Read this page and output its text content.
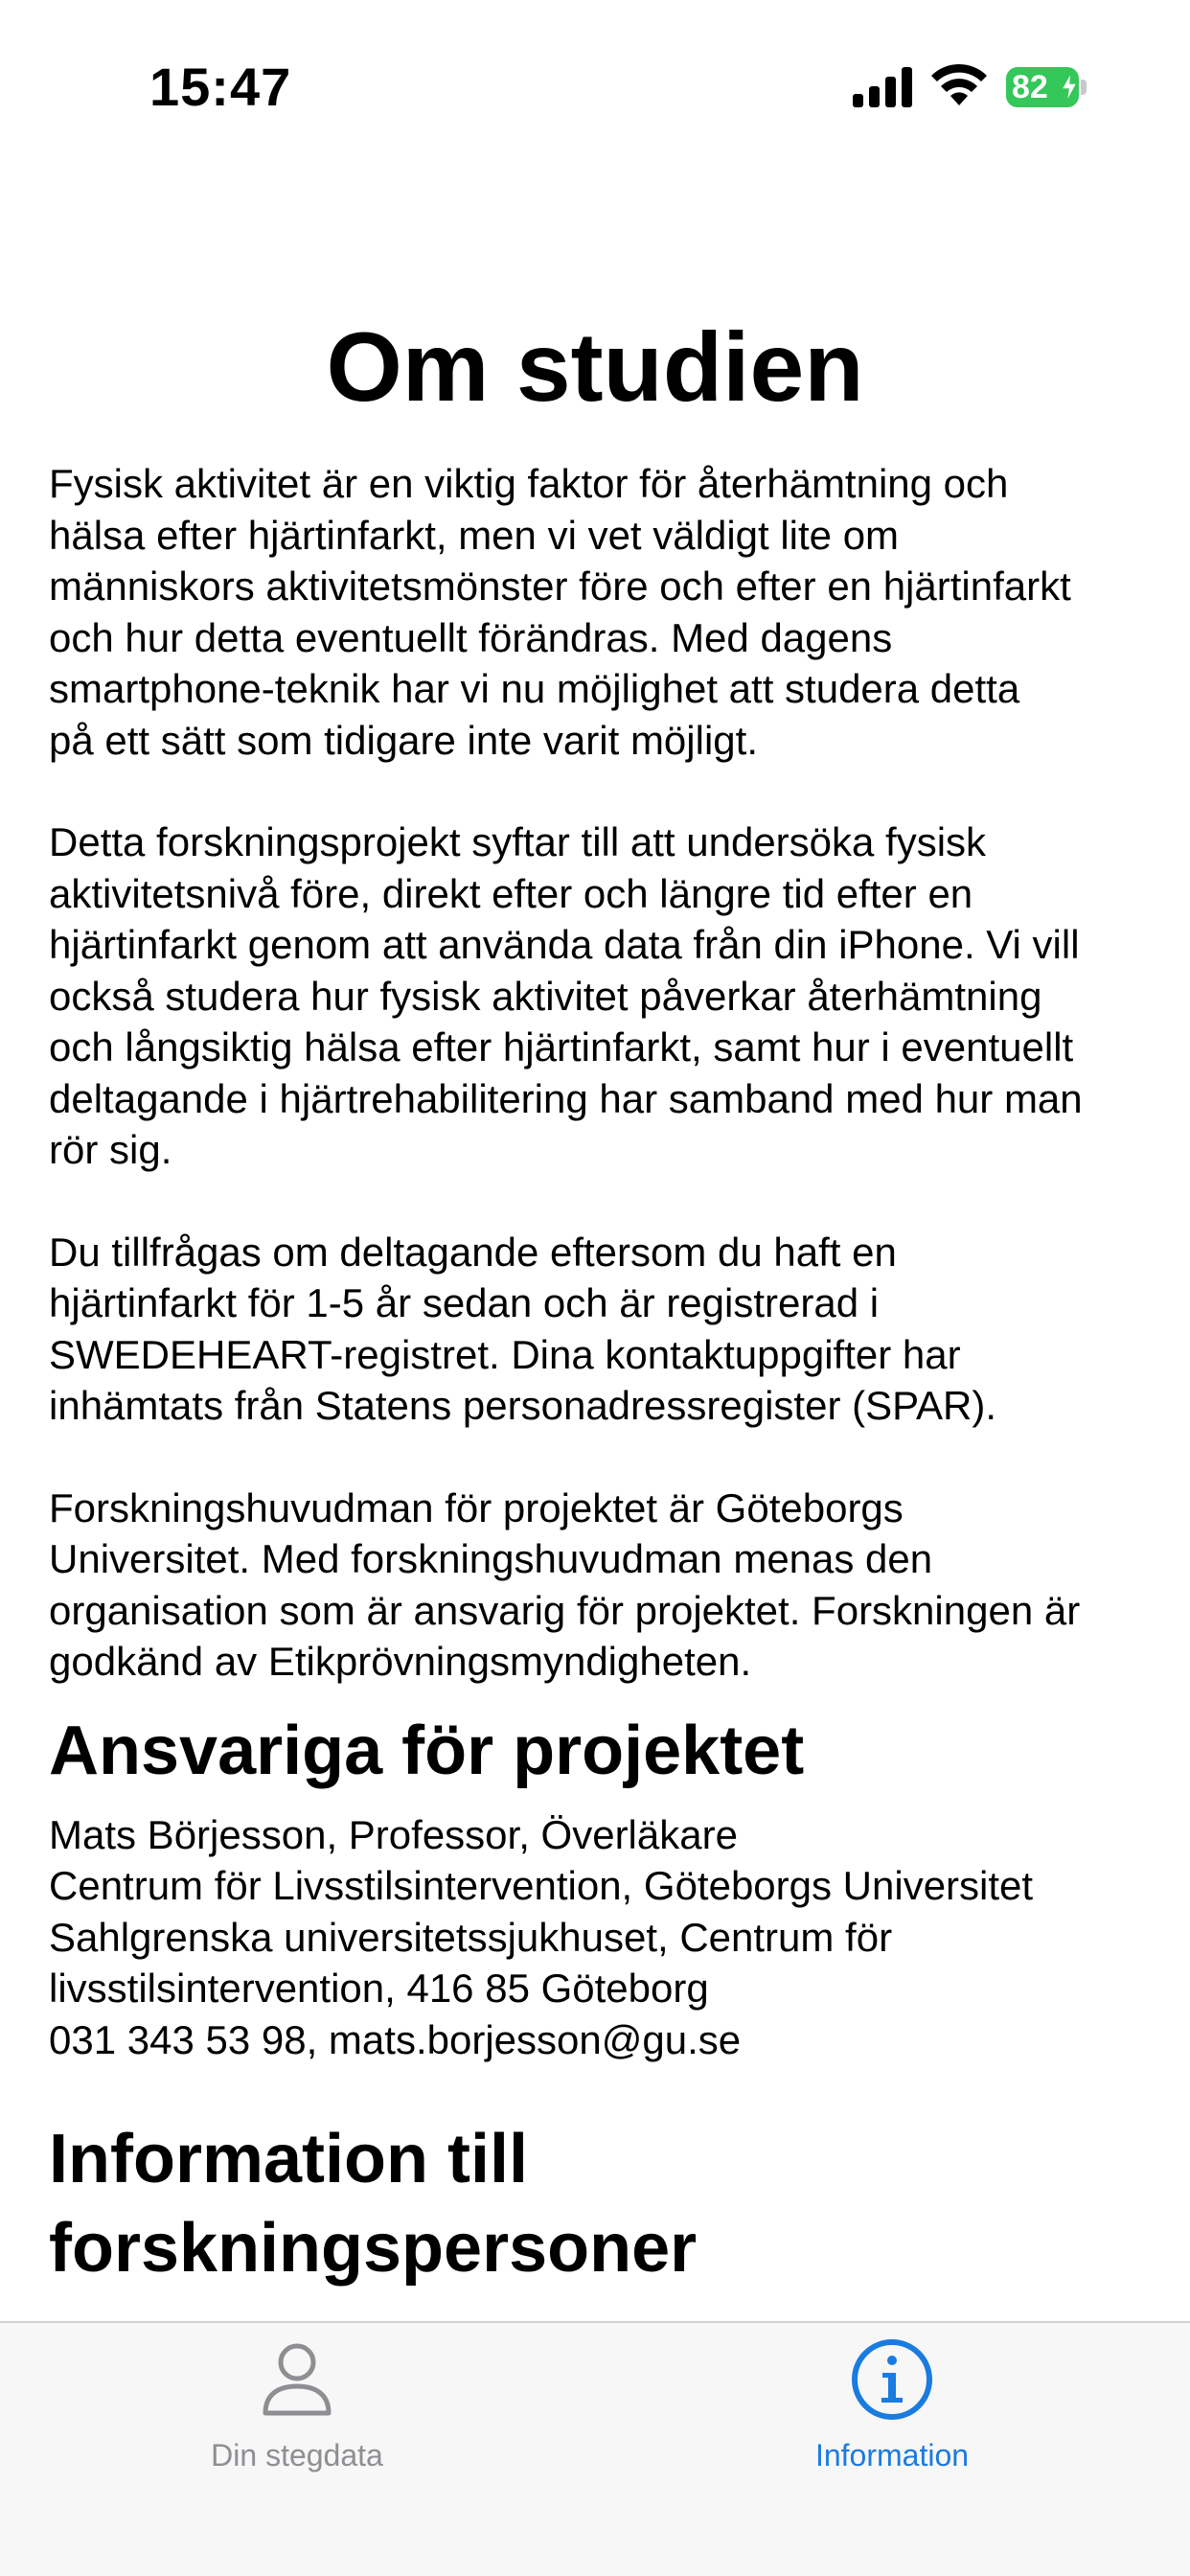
15:47	82
Om studien

Fysisk aktivitet är en viktig faktor för återhämtning och
hälsa efter hjärtinfarkt, men vi vet väldigt lite om
människors aktivitetsmönster före och efter en hjärtinfarkt
och hur detta eventuellt förändras. Med dagens
smartphone-teknik har vi nu möjlighet att studera detta
på ett sätt som tidigare inte varit möjligt.

Detta forskningsprojekt syftar till att undersöka fysisk
aktivitetsnivå före, direkt efter och längre tid efter en
hjärtinfarkt genom att använda data från din iPhone. Vi vill
också studera hur fysisk aktivitet påverkar återhämtning
och långsiktig hälsa efter hjärtinfarkt, samt hur i eventuellt
deltagande i hjärtrehabilitering har samband med hur man
rör sig.

Du tillfrågas om deltagande eftersom du haft en
hjärtinfarkt för 1-5 år sedan och är registrerad i
SWEDEHEART-registret. Dina kontaktuppgifter har
inhämtats från Statens personadressregister (SPAR).

Forskningshuvudman för projektet är Göteborgs
Universitet. Med forskningshuvudman menas den
organisation som är ansvarig för projektet. Forskningen är
godkänd av Etikprövningsmyndigheten.

Ansvariga för projektet

Mats Börjesson, Professor, Överläkare
Centrum för Livsstilsintervention, Göteborgs Universitet
Sahlgrenska universitetssjukhuset, Centrum för
livsstilsintervention, 416 85 Göteborg
031 343 53 98, mats.borjesson@gu.se

Information till
forskningspersoner
Din stegdata	Information
